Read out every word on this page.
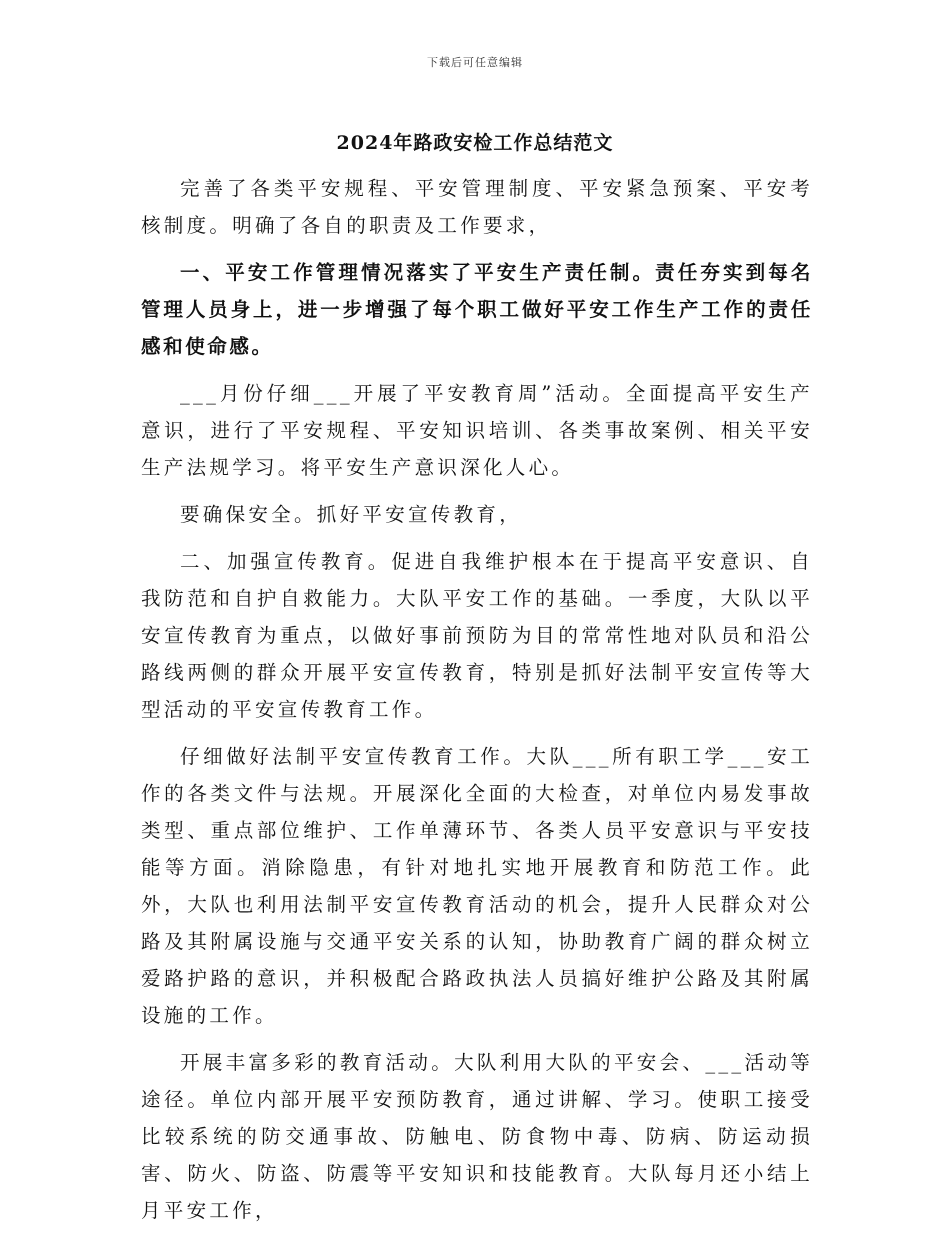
下载后可任意编辑
2024年路政安检工作总结范文

完善了各类平安规程、平安管理制度、平安紧急预案、平安考核制度。明确了各自的职责及工作要求，

一、平安工作管理情况落实了平安生产责任制。责任夯实到每名管理人员身上，进一步增强了每个职工做好平安工作生产工作的责任感和使命感。

___月份仔细___开展了平安教育周”活动。全面提高平安生产意识，进行了平安规程、平安知识培训、各类事故案例、相关平安生产法规学习。将平安生产意识深化人心。

要确保安全。抓好平安宣传教育，

二、加强宣传教育。促进自我维护根本在于提高平安意识、自我防范和自护自救能力。大队平安工作的基础。一季度，大队以平安宣传教育为重点，以做好事前预防为目的常常性地对队员和沿公路线两侧的群众开展平安宣传教育，特别是抓好法制平安宣传等大型活动的平安宣传教育工作。

仔细做好法制平安宣传教育工作。大队___所有职工学___安工作的各类文件与法规。开展深化全面的大检查，对单位内易发事故类型、重点部位维护、工作单薄环节、各类人员平安意识与平安技能等方面。消除隐患，有针对地扎实地开展教育和防范工作。此外，大队也利用法制平安宣传教育活动的机会，提升人民群众对公路及其附属设施与交通平安关系的认知，协助教育广阔的群众树立爱路护路的意识，并积极配合路政执法人员搞好维护公路及其附属设施的工作。

开展丰富多彩的教育活动。大队利用大队的平安会、___活动等途径。单位内部开展平安预防教育，通过讲解、学习。使职工接受比较系统的防交通事故、防触电、防食物中毒、防病、防运动损害、防火、防盗、防震等平安知识和技能教育。大队每月还小结上月平安工作，
